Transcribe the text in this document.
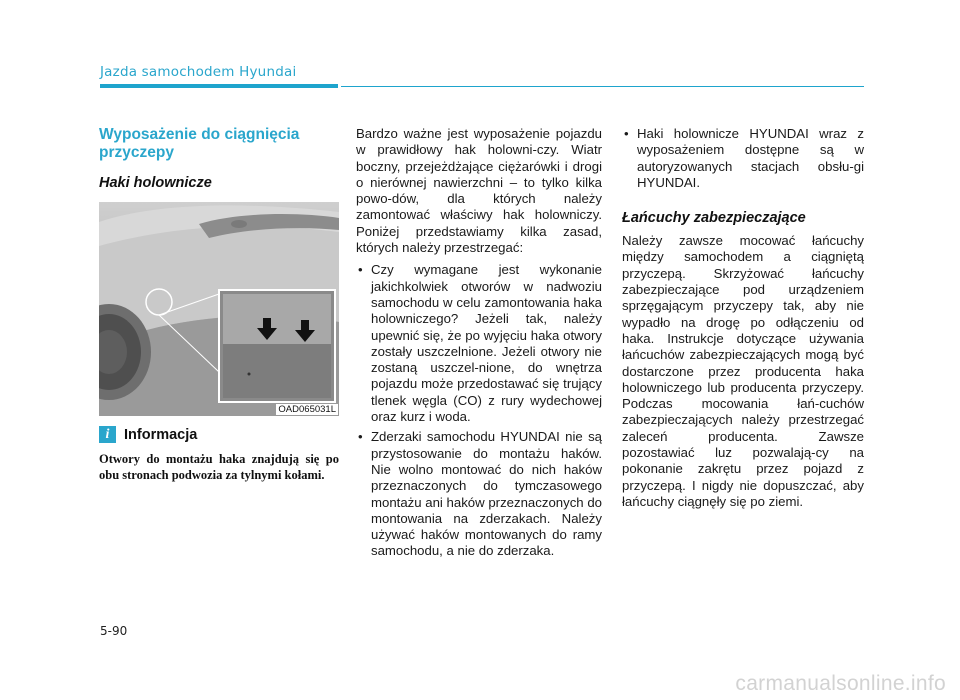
Jazda samochodem Hyundai
Wyposażenie do ciągnięcia przyczepy
Haki holownicze
OAD065031L
i	Informacja

Otwory do montażu haka znajdują się po obu stronach podwozia za tylnymi kołami.

Bardzo ważne jest wyposażenie pojazdu w prawidłowy hak holowni-czy. Wiatr boczny, przejeżdżające ciężarówki i drogi o nierównej nawierzchni – to tylko kilka powo-dów, dla których należy zamontować właściwy hak holowniczy. Poniżej przedstawiamy kilka zasad, których należy przestrzegać:

• Czy wymagane jest wykonanie jakichkolwiek otworów w nadwoziu samochodu w celu zamontowania haka holowniczego? Jeżeli tak, należy upewnić się, że po wyjęciu haka otwory zostały uszczelnione. Jeżeli otwory nie zostaną uszczel-nione, do wnętrza pojazdu może przedostawać się trujący tlenek węgla (CO) z rury wydechowej oraz kurz i woda.
• Zderzaki samochodu HYUNDAI nie są przystosowanie do montażu haków. Nie wolno montować do nich haków przeznaczonych do tymczasowego montażu ani haków przeznaczonych do montowania na zderzakach. Należy używać haków montowanych do ramy samochodu, a nie do zderzaka.
• Haki holownicze HYUNDAI wraz z wyposażeniem dostępne są w autoryzowanych stacjach obsłu-gi HYUNDAI.
Łańcuchy zabezpieczające

Należy zawsze mocować łańcuchy między samochodem a ciągniętą przyczepą. Skrzyżować łańcuchy zabezpieczające pod urządzeniem sprzęgającym przyczepy tak, aby nie wypadło na drogę po odłączeniu od haka. Instrukcje dotyczące używania łańcuchów zabezpieczających mogą być dostarczone przez producenta haka holowniczego lub producenta przyczepy. Podczas mocowania łań-cuchów zabezpieczających należy przestrzegać zaleceń producenta. Zawsze pozostawiać luz pozwalają-cy na pokonanie zakrętu przez pojazd z przyczepą. I nigdy nie dopuszczać, aby łańcuchy ciągnęły się po ziemi.

5-90
carmanualsonline.info
